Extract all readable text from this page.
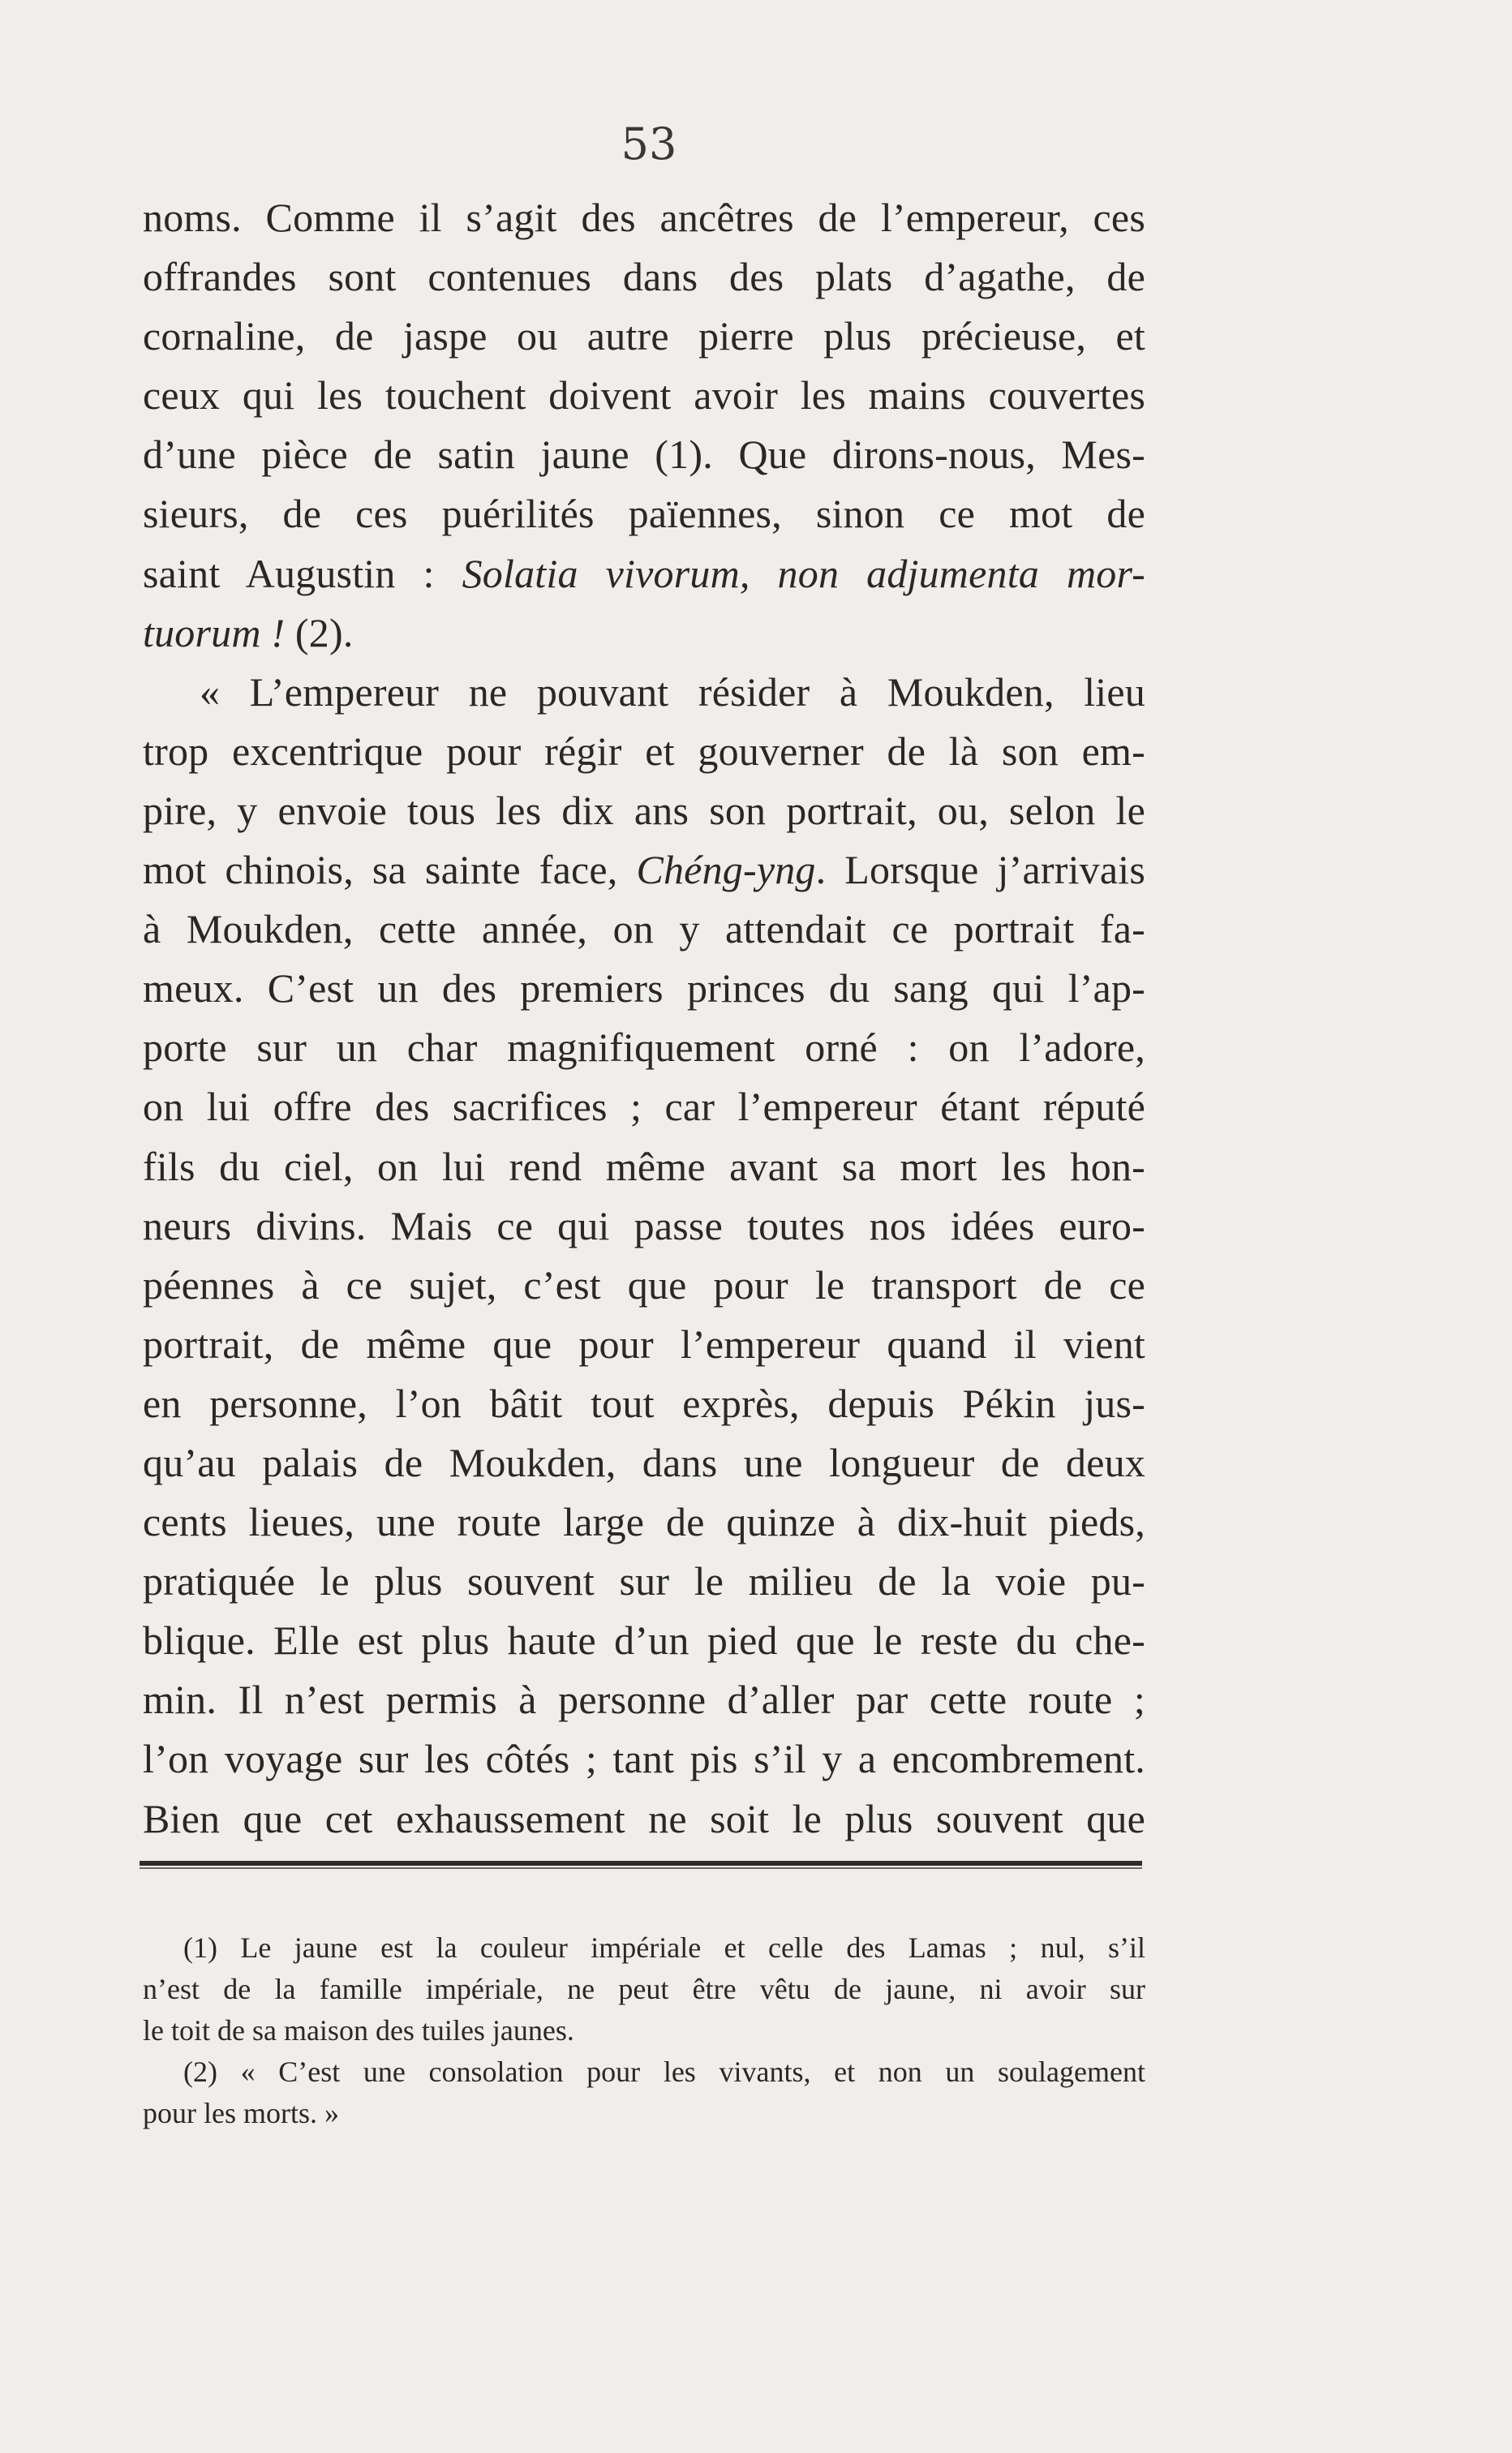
53
noms. Comme il s’agit des ancêtres de l’empereur, ces
offrandes sont contenues dans des plats d’agathe, de
cornaline, de jaspe ou autre pierre plus précieuse, et
ceux qui les touchent doivent avoir les mains couvertes
d’une pièce de satin jaune (1). Que dirons-nous, Mes-
sieurs, de ces puérilités païennes, sinon ce mot de
saint Augustin : Solatia vivorum, non adjumenta mor-
tuorum ! (2).
« L’empereur ne pouvant résider à Moukden, lieu
trop excentrique pour régir et gouverner de là son em-
pire, y envoie tous les dix ans son portrait, ou, selon le
mot chinois, sa sainte face, Chéng-yng. Lorsque j’arrivais
à Moukden, cette année, on y attendait ce portrait fa-
meux. C’est un des premiers princes du sang qui l’ap-
porte sur un char magnifiquement orné : on l’adore,
on lui offre des sacrifices ; car l’empereur étant réputé
fils du ciel, on lui rend même avant sa mort les hon-
neurs divins. Mais ce qui passe toutes nos idées euro-
péennes à ce sujet, c’est que pour le transport de ce
portrait, de même que pour l’empereur quand il vient
en personne, l’on bâtit tout exprès, depuis Pékin jus-
qu’au palais de Moukden, dans une longueur de deux
cents lieues, une route large de quinze à dix-huit pieds,
pratiquée le plus souvent sur le milieu de la voie pu-
blique. Elle est plus haute d’un pied que le reste du che-
min. Il n’est permis à personne d’aller par cette route ;
l’on voyage sur les côtés ; tant pis s’il y a encombrement.
Bien que cet exhaussement ne soit le plus souvent que
(1) Le jaune est la couleur impériale et celle des Lamas ; nul, s’il
n’est de la famille impériale, ne peut être vêtu de jaune, ni avoir sur
le toit de sa maison des tuiles jaunes.
(2) « C’est une consolation pour les vivants, et non un soulagement
pour les morts. »
